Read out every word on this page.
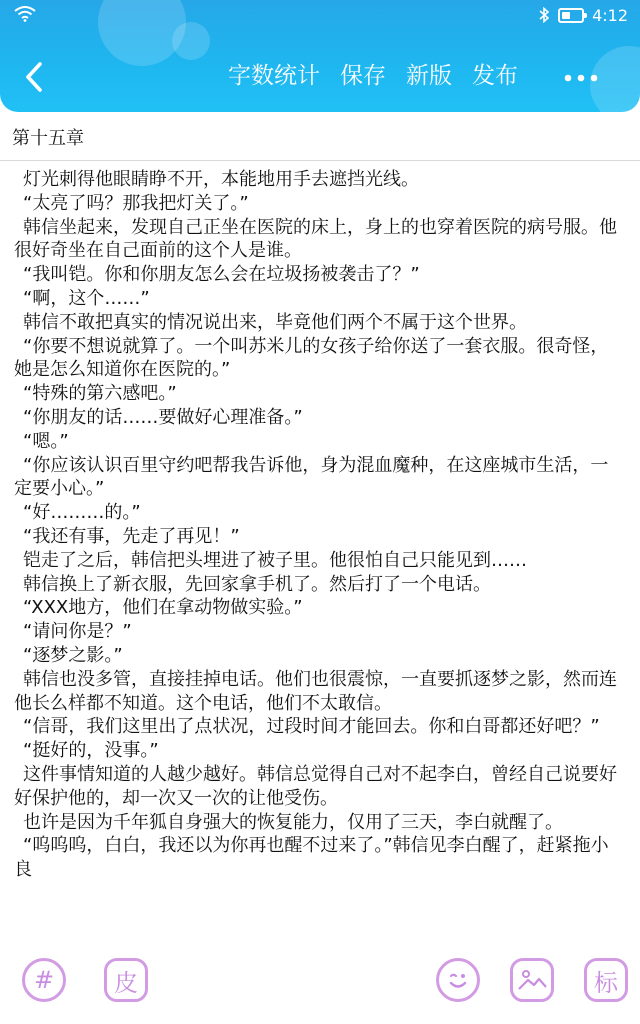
4:12
字数统计 保存 新版 发布
第十五章

灯光刺得他眼睛睁不开，本能地用手去遮挡光线。

“太亮了吗？那我把灯关了。”

韩信坐起来，发现自己正坐在医院的床上，身上的也穿着医院的病号服。他很好奇坐在自己面前的这个人是谁。

“我叫铠。你和你朋友怎么会在垃圾扬被袭击了？”

“啊，这个……”

韩信不敢把真实的情况说出来，毕竟他们两个不属于这个世界。

“你要不想说就算了。一个叫苏米儿的女孩子给你送了一套衣服。很奇怪，她是怎么知道你在医院的。”

“特殊的第六感吧。”

“你朋友的话……要做好心理准备。”

“嗯。”

“你应该认识百里守约吧帮我告诉他，身为混血魔种，在这座城市生活，一定要小心。”

“好………的。”

“我还有事，先走了再见！”

铠走了之后，韩信把头埋进了被子里。他很怕自己只能见到……

韩信换上了新衣服，先回家拿手机了。然后打了一个电话。

“XXX地方，他们在拿动物做实验。”

“请问你是？”

“逐梦之影。”

韩信也没多管，直接挂掉电话。他们也很震惊，一直要抓逐梦之影，然而连他长么样都不知道。这个电话，他们不太敢信。

“信哥，我们这里出了点状况，过段时间才能回去。你和白哥都还好吧？”

“挺好的，没事。”

这件事情知道的人越少越好。韩信总觉得自己对不起李白，曾经自己说要好好保护他的，却一次又一次的让他受伤。

也许是因为千年狐自身强大的恢复能力，仅用了三天，李白就醒了。

“呜呜呜，白白，我还以为你再也醒不过来了。”韩信见李白醒了，赶紧拖小良

# 皮	标
